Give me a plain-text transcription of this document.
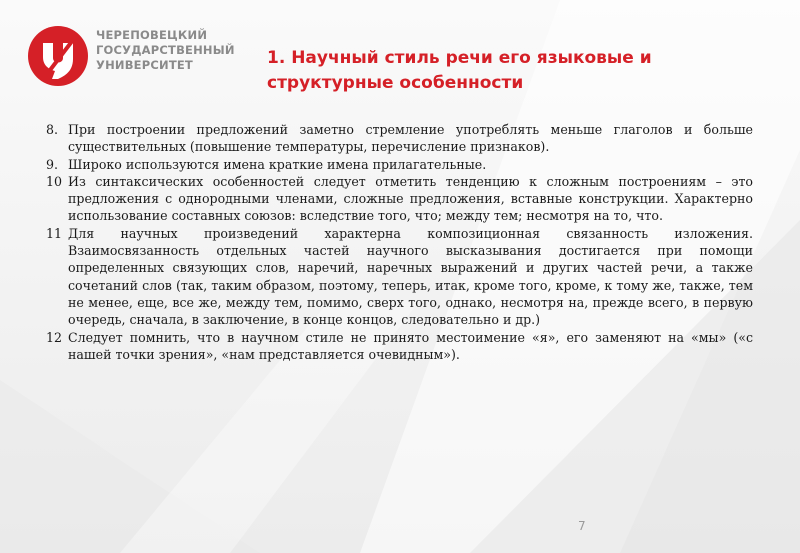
ЧЕРЕПОВЕЦКИЙ
ГОСУДАРСТВЕННЫЙ
УНИВЕРСИТЕТ	1. Научный стиль речи его языковые и структурные особенности
8. При построении предложений заметно стремление употреблять меньше глаголов и больше существительных (повышение температуры, перечисление признаков).
9. Широко используются имена краткие имена прилагательные.
10 Из синтаксических особенностей следует отметить тенденцию к сложным построениям – это предложения с однородными членами, сложные предложения, вставные конструкции. Характерно использование составных союзов: вследствие того, что; между тем; несмотря на то, что.
11 Для научных произведений характерна композиционная связанность изложения. Взаимосвязанность отдельных частей научного высказывания достигается при помощи определенных связующих слов, наречий, наречных выражений и других частей речи, а также сочетаний слов (так, таким образом, поэтому, теперь, итак, кроме того, кроме, к тому же, также, тем не менее, еще, все же, между тем, помимо, сверх того, однако, несмотря на, прежде всего, в первую очередь, сначала, в заключение, в конце концов, следовательно и др.)
12 Следует помнить, что в научном стиле не принято местоимение «я», его заменяют на «мы» («с нашей точки зрения», «нам представляется очевидным»).
7
